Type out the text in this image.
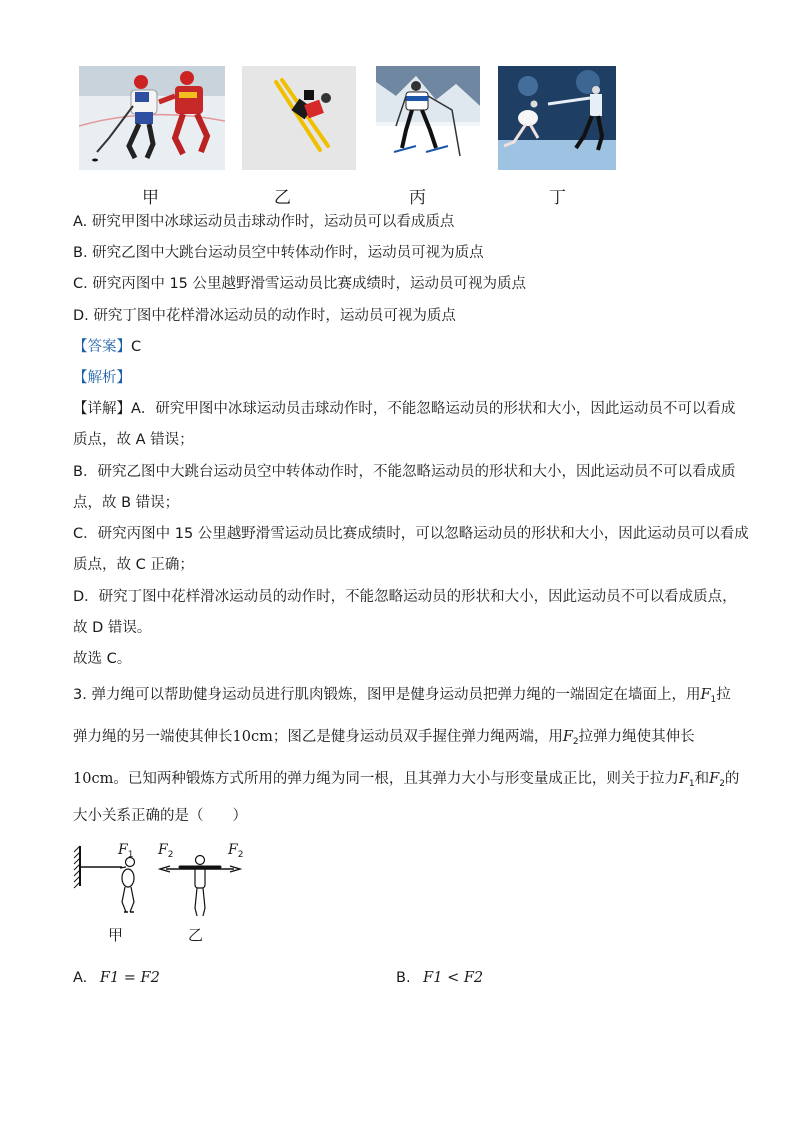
甲	乙	丙	丁
A. 研究甲图中冰球运动员击球动作时，运动员可以看成质点
B. 研究乙图中大跳台运动员空中转体动作时，运动员可视为质点
C. 研究丙图中 15 公里越野滑雪运动员比赛成绩时，运动员可视为质点
D. 研究丁图中花样滑冰运动员的动作时，运动员可视为质点
【答案】C
【解析】
【详解】A．研究甲图中冰球运动员击球动作时，不能忽略运动员的形状和大小，因此运动员不可以看成
质点，故 A 错误；
B．研究乙图中大跳台运动员空中转体动作时，不能忽略运动员的形状和大小，因此运动员不可以看成质
点，故 B 错误；
C．研究丙图中 15 公里越野滑雪运动员比赛成绩时，可以忽略运动员的形状和大小，因此运动员可以看成
质点，故 C 正确；
D．研究丁图中花样滑冰运动员的动作时，不能忽略运动员的形状和大小，因此运动员不可以看成质点，
故 D 错误。
故选 C。
3. 弹力绳可以帮助健身运动员进行肌肉锻炼，图甲是健身运动员把弹力绳的一端固定在墙面上，用$F_1$拉
弹力绳的另一端使其伸长10cm；图乙是健身运动员双手握住弹力绳两端，用$F_2$拉弹力绳使其伸长
10cm。已知两种锻炼方式所用的弹力绳为同一根，且其弹力大小与形变量成正比，则关于拉力$F_1$和$F_2$的
大小关系正确的是（　　）
$F_1$ $F_2$	$F_2$
甲	乙
A. F1 = F2	B. F1 < F2
